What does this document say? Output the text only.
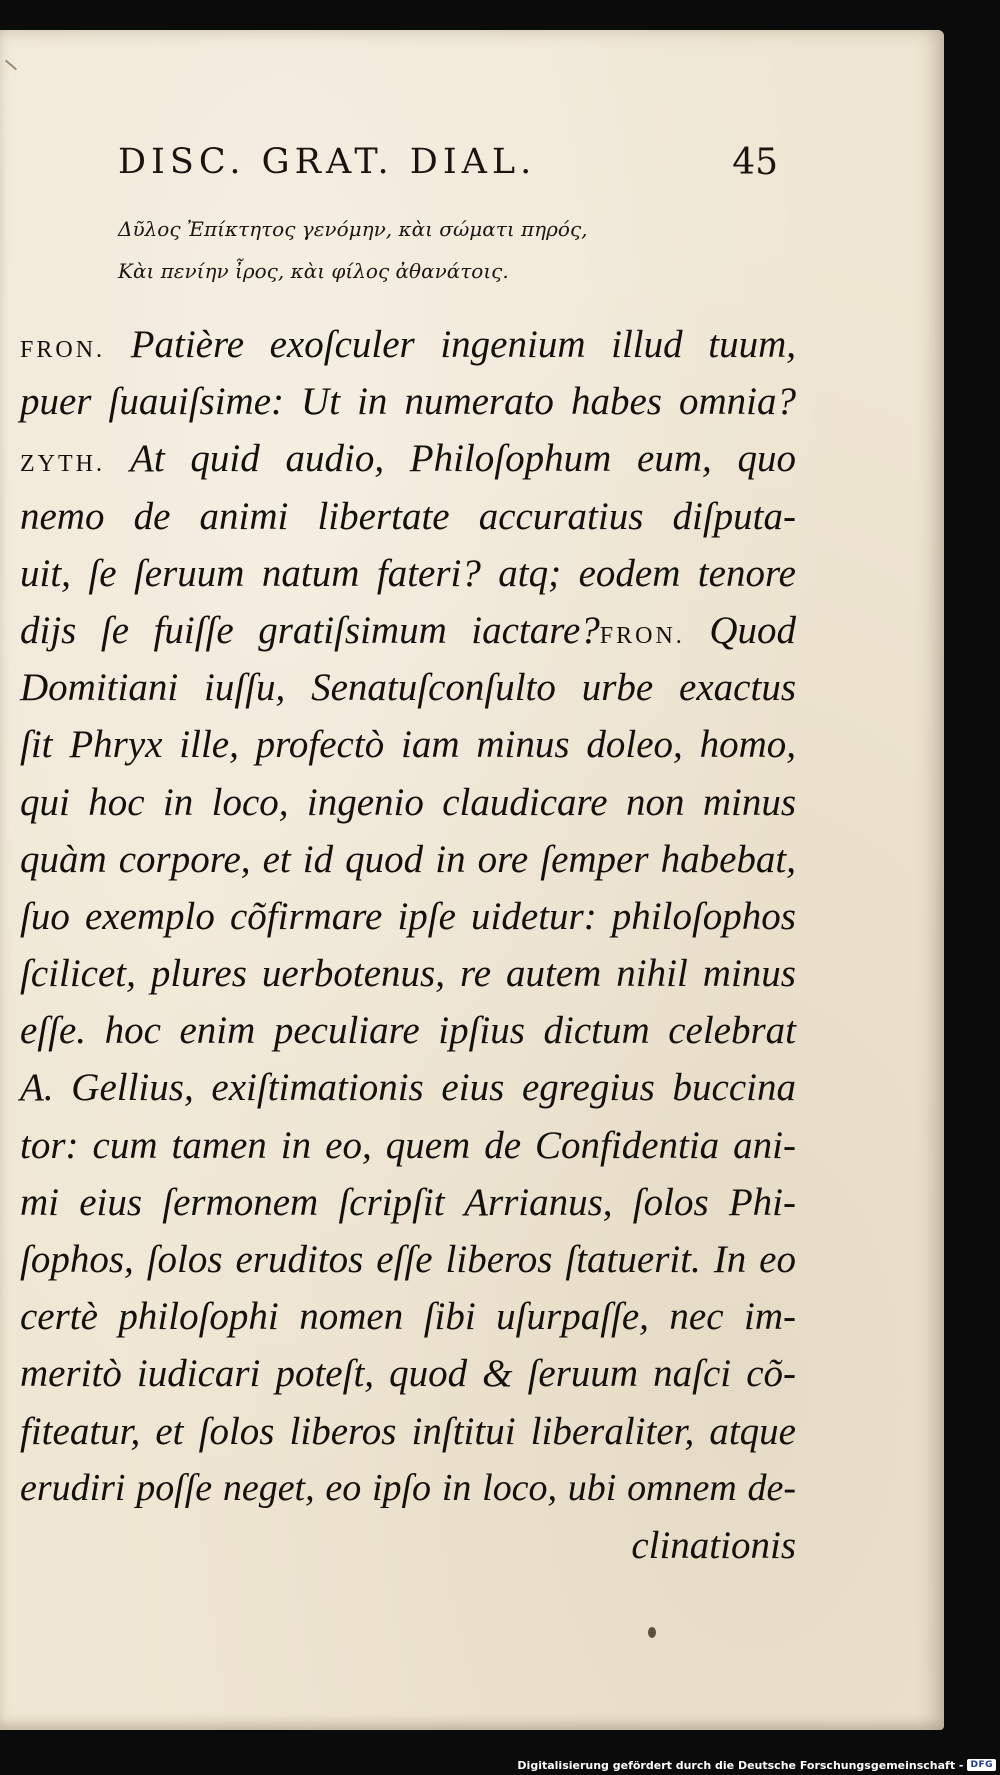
DISC. GRAT. DIAL.	45
Δῦλος Ἐπίκτητος γενόμην, κὰι σώματι πηρός,
Κὰι πενίην ἶρος, κὰι φίλος ἀθανάτοις.
FRON. Patière exoſculer ingenium illud tuum,
puer ſuauiſsime: Ut in numerato habes omnia?
ZYTH. At quid audio, Philoſophum eum, quo
nemo de animi libertate accuratius diſputa-
uit, ſe ſeruum natum fateri? atq; eodem tenore
dijs ſe fuiſſe gratiſsimum iactare?FRON. Quod
Domitiani iuſſu, Senatuſconſulto urbe exactus
ſit Phryx ille, profectò iam minus doleo, homo,
qui hoc in loco, ingenio claudicare non minus
quàm corpore, et id quod in ore ſemper habebat,
ſuo exemplo cõfirmare ipſe uidetur: philoſophos
ſcilicet, plures uerbotenus, re autem nihil minus
eſſe. hoc enim peculiare ipſius dictum celebrat
A. Gellius, exiſtimationis eius egregius buccina
tor: cum tamen in eo, quem de Confidentia ani-
mi eius ſermonem ſcripſit Arrianus, ſolos Phi-
ſophos, ſolos eruditos eſſe liberos ſtatuerit. In eo
certè philoſophi nomen ſibi uſurpaſſe, nec im-
meritò iudicari poteſt, quod & ſeruum naſci cõ-
fiteatur, et ſolos liberos inſtitui liberaliter, atque
erudiri poſſe neget, eo ipſo in loco, ubi omnem de-
clinationis
Digitalisierung gefördert durch die Deutsche Forschungsgemeinschaft - DFG
